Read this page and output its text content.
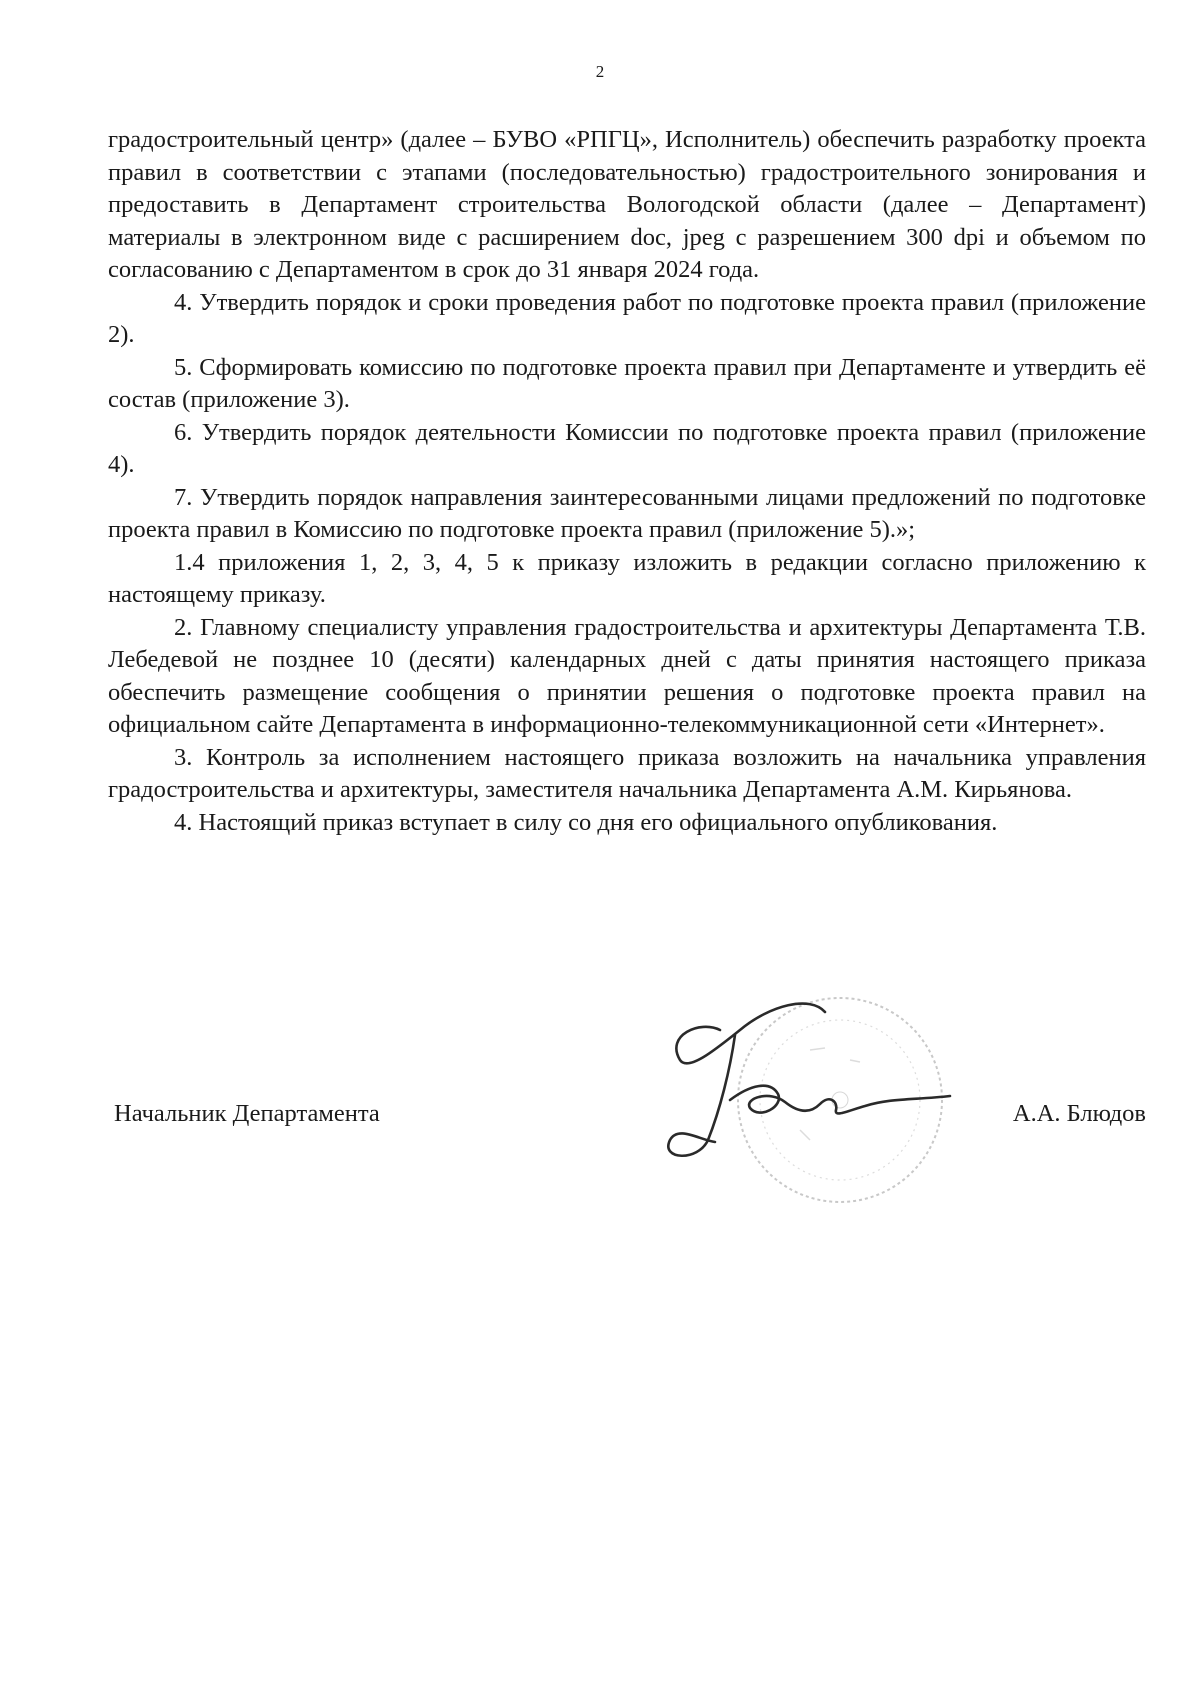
2

градостроительный центр» (далее – БУВО «РПГЦ», Исполнитель) обеспечить разработку проекта правил в соответствии с этапами (последовательностью) градостроительного зонирования и предоставить в Департамент строительства Вологодской области (далее – Департамент) материалы в электронном виде с расширением doc, jpeg с разрешением 300 dpi и объемом по согласованию с Департаментом в срок до 31 января 2024 года.

4. Утвердить порядок и сроки проведения работ по подготовке проекта правил (приложение 2).

5. Сформировать комиссию по подготовке проекта правил при Департаменте и утвердить её состав (приложение 3).

6. Утвердить порядок деятельности Комиссии по подготовке проекта правил (приложение 4).

7. Утвердить порядок направления заинтересованными лицами предложений по подготовке проекта правил в Комиссию по подготовке проекта правил (приложение 5).»;

1.4 приложения 1, 2, 3, 4, 5 к приказу изложить в редакции согласно приложению к настоящему приказу.

2. Главному специалисту управления градостроительства и архитектуры Департамента Т.В. Лебедевой не позднее 10 (десяти) календарных дней с даты принятия настоящего приказа обеспечить размещение сообщения о принятии решения о подготовке проекта правил на официальном сайте Департамента в информационно-телекоммуникационной сети «Интернет».

3. Контроль за исполнением настоящего приказа возложить на начальника управления градостроительства и архитектуры, заместителя начальника Департамента А.М. Кирьянова.

4. Настоящий приказ вступает в силу со дня его официального опубликования.

Начальник Департамента	А.А. Блюдов
